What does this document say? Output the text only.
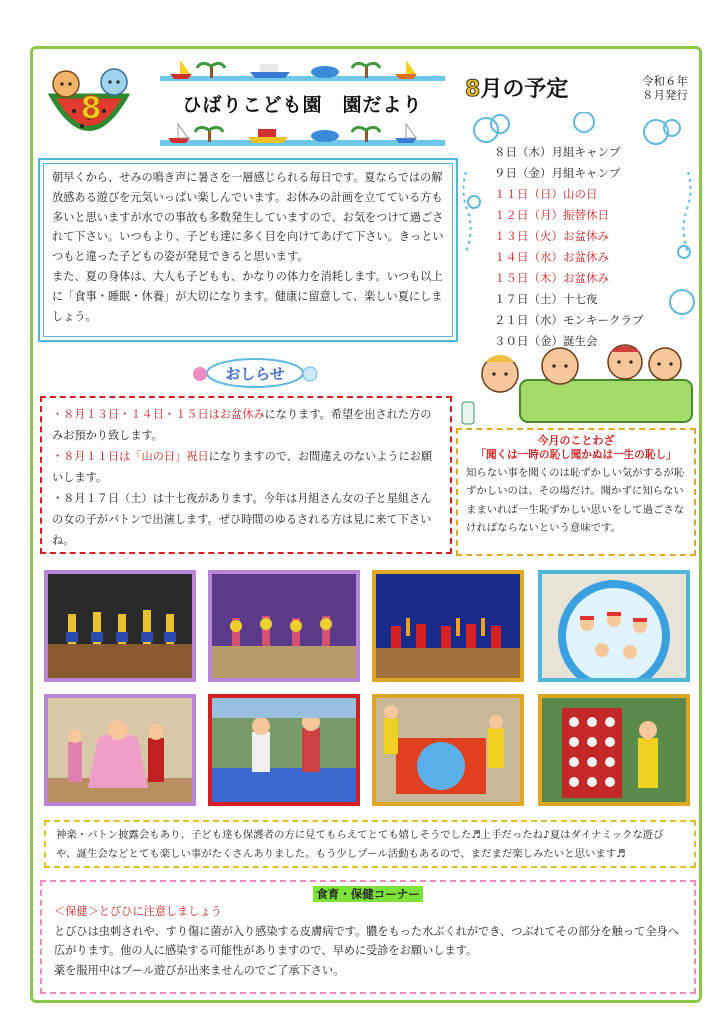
8 月
ひばりこども園　園だより
8月の予定	令和６年
８月発行
８日（木）月組キャンプ
９日（金）月組キャンプ
１１日（日）山の日
１２日（月）振替休日
１３日（火）お盆休み
１４日（水）お盆休み
１５日（木）お盆休み
１７日（土）十七夜
２１日（水）モンキークラブ
３０日（金）誕生会

朝早くから、せみの鳴き声に暑さを一層感じられる毎日です。夏ならではの解放感ある遊びを元気いっぱい楽しんでいます。お休みの計画を立てている方も多いと思いますが水での事故も多数発生していますので、お気をつけて過ごされて下さい。いつもより、子ども達に多く目を向けてあげて下さい。きっといつもと違った子どもの姿が発見できると思います。

また、夏の身体は、大人も子どもも、かなりの体力を消耗します。いつも以上に「食事・睡眠・休養」が大切になります。健康に留意して、楽しい夏にしましょう。

おしらせ

・８月１３日・１４日・１５日はお盆休みになります。希望を出された方のみお預かり致します。

・８月１１日は「山の日」祝日になりますので、お間違えのないようにお願いします。

・８月１７日（土）は十七夜があります。今年は月組さん女の子と星組さんの女の子がバトンで出演します。ぜひ時間のゆるされる方は見に来て下さいね。

今月のことわざ
「聞くは一時の恥し聞かぬは一生の恥し」

知らない事を聞くのは恥ずかしい気がするが恥ずかしいのは、その場だけ。聞かずに知らないままいれば一生恥ずかしい思いをして過ごさなければならないという意味です。

神楽・バトン披露会もあり、子ども達も保護者の方に見てもらえてとても嬉しそうでした♬上手だったね♪夏はダイナミックな遊びや、誕生会などとても楽しい事がたくさんありました。もう少しプール活動もあるので、まだまだ楽しみたいと思います♬
食育・保健コーナー

＜保健＞とびひに注意しましょう

とびひは虫刺されや、すり傷に菌が入り感染する皮膚病です。膿をもった水ぶくれができ、つぶれてその部分を触って全身へ広がります。他の人に感染する可能性がありますので、早めに受診をお願いします。

薬を服用中はプール遊びが出来ませんのでご了承下さい。
